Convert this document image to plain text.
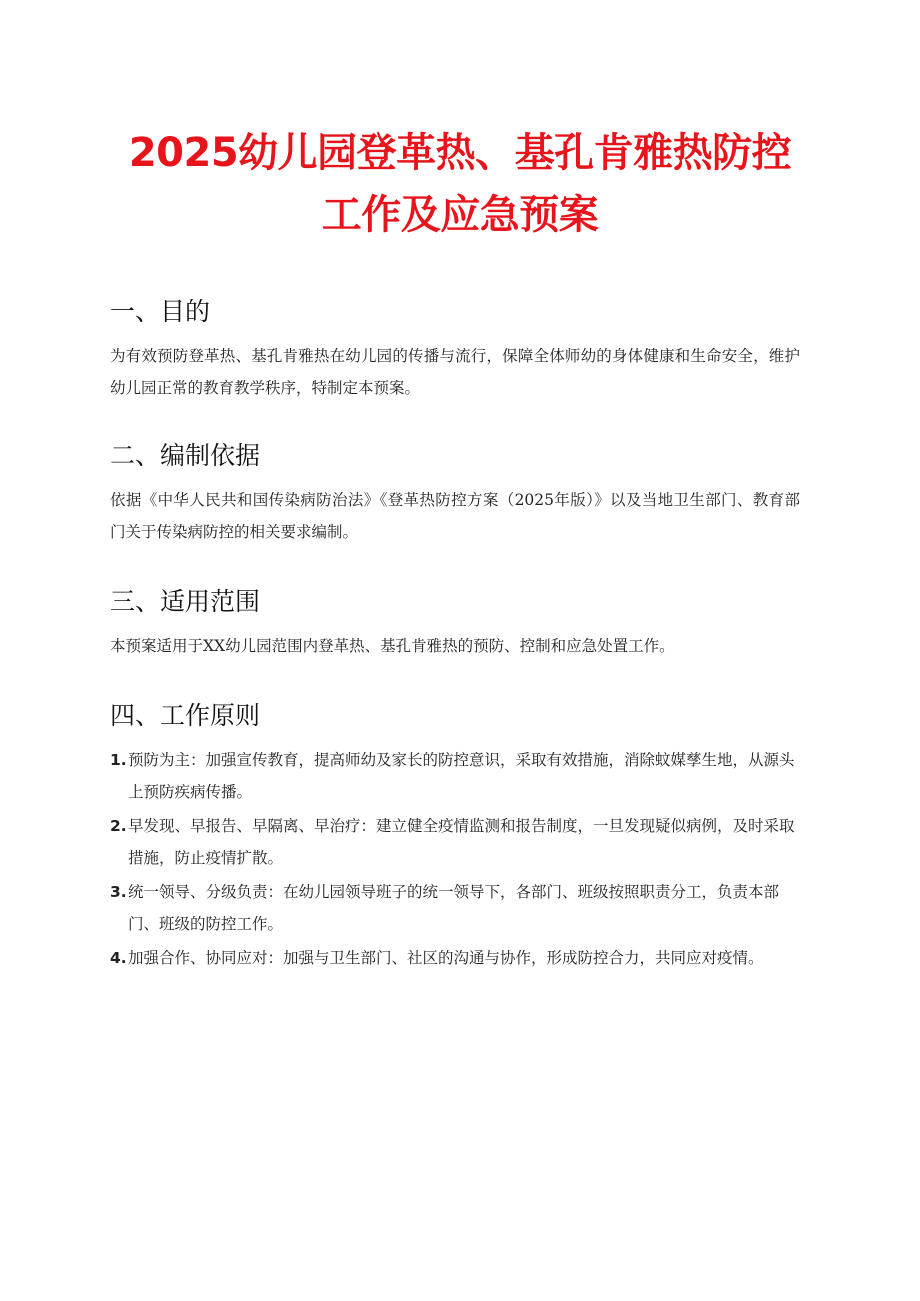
2025幼儿园登革热、基孔肯雅热防控工作及应急预案
一、目的
为有效预防登革热、基孔肯雅热在幼儿园的传播与流行，保障全体师幼的身体健康和生命安全，维护幼儿园正常的教育教学秩序，特制定本预案。
二、编制依据
依据《中华人民共和国传染病防治法》《登革热防控方案（2025年版）》以及当地卫生部门、教育部门关于传染病防控的相关要求编制。
三、适用范围
本预案适用于XX幼儿园范围内登革热、基孔肯雅热的预防、控制和应急处置工作。
四、工作原则
1.预防为主：加强宣传教育，提高师幼及家长的防控意识，采取有效措施，消除蚊媒孳生地，从源头上预防疾病传播。
2.早发现、早报告、早隔离、早治疗：建立健全疫情监测和报告制度，一旦发现疑似病例，及时采取措施，防止疫情扩散。
3.统一领导、分级负责：在幼儿园领导班子的统一领导下，各部门、班级按照职责分工，负责本部门、班级的防控工作。
4.加强合作、协同应对：加强与卫生部门、社区的沟通与协作，形成防控合力，共同应对疫情。
